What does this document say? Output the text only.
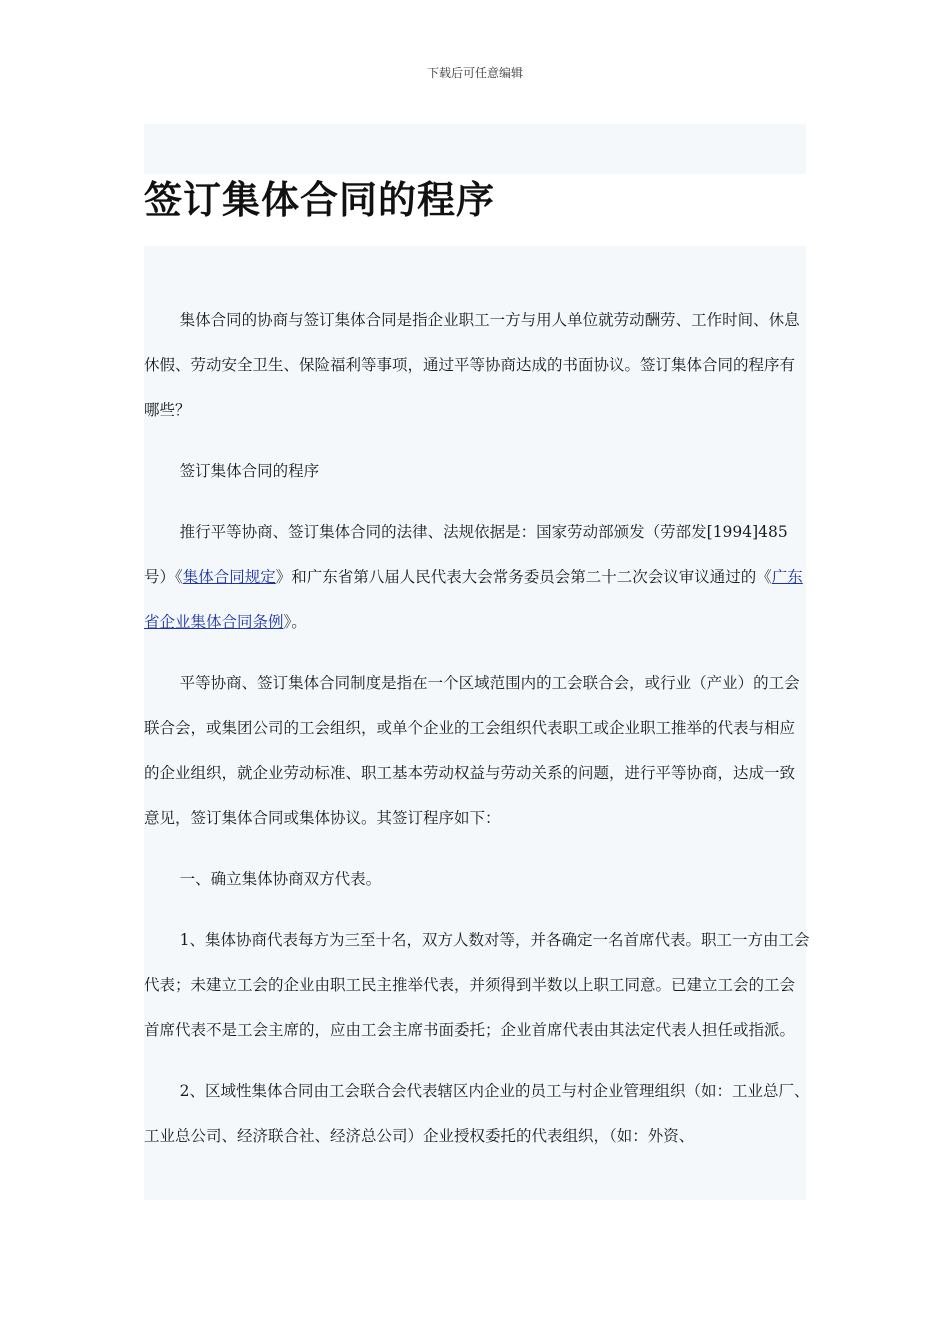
下载后可任意编辑
签订集体合同的程序

集体合同的协商与签订集体合同是指企业职工一方与用人单位就劳动酬劳、工作时间、休息休假、劳动安全卫生、保险福利等事项，通过平等协商达成的书面协议。签订集体合同的程序有哪些？

签订集体合同的程序

推行平等协商、签订集体合同的法律、法规依据是：国家劳动部颁发（劳部发[1994]485号）《集体合同规定》和广东省第八届人民代表大会常务委员会第二十二次会议审议通过的《广东省企业集体合同条例》。

平等协商、签订集体合同制度是指在一个区域范围内的工会联合会，或行业（产业）的工会联合会，或集团公司的工会组织，或单个企业的工会组织代表职工或企业职工推举的代表与相应的企业组织，就企业劳动标准、职工基本劳动权益与劳动关系的问题，进行平等协商，达成一致意见，签订集体合同或集体协议。其签订程序如下：

一、确立集体协商双方代表。

1、集体协商代表每方为三至十名，双方人数对等，并各确定一名首席代表。职工一方由工会代表；未建立工会的企业由职工民主推举代表，并须得到半数以上职工同意。已建立工会的工会首席代表不是工会主席的，应由工会主席书面委托；企业首席代表由其法定代表人担任或指派。

2、区域性集体合同由工会联合会代表辖区内企业的员工与村企业管理组织（如：工业总厂、工业总公司、经济联合社、经济总公司）企业授权委托的代表组织，（如：外资、
